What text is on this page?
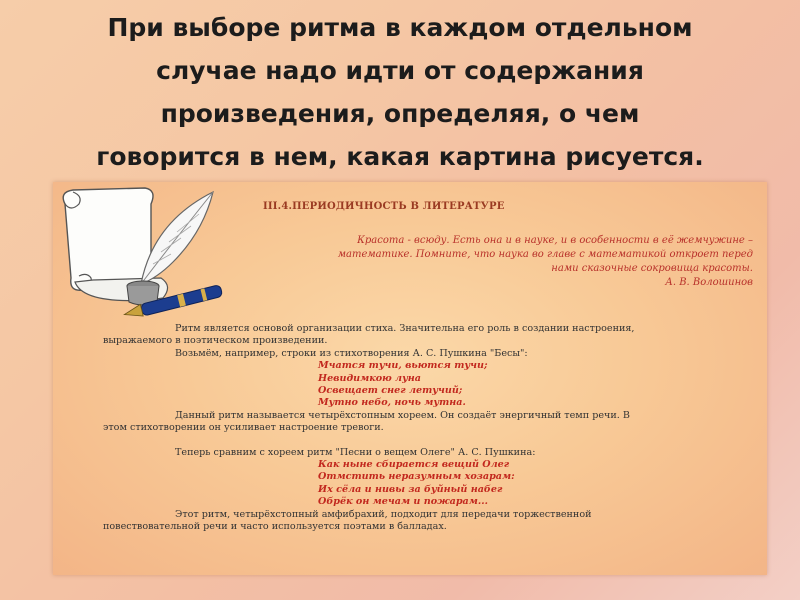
При выборе ритма в каждом отдельном
случае надо идти от содержания
произведения, определяя, о чем
говорится в нем, какая картина рисуется.
III.4.ПЕРИОДИЧНОСТЬ В ЛИТЕРАТУРЕ

Красота - всюду. Есть она и в науке, и в особенности в её жемчужине –
математике. Помните, что наука во главе с математикой откроет перед
нами сказочные сокровища красоты.
А. В. Волошинов

Ритм является основой организации стиха. Значительна его роль в создании настроения,

выражаемого в поэтическом произведении.

Возьмём, например, строки из стихотворения А. С. Пушкина "Бесы":

Мчатся тучи, вьются тучи;

Невидимкою луна

Освещает снег летучий;

Мутно небо, ночь мутна.

Данный ритм называется четырёхстопным хореем. Он создаёт энергичный темп речи. В

этом стихотворении он усиливает настроение тревоги.

Теперь сравним с хореем ритм "Песни о вещем Олеге" А. С. Пушкина:

Как ныне сбирается вещий Олег

Отмстить неразумным хозарам:

Их сёла и нивы за буйный набег

Обрёк он мечам и пожарам...

Этот ритм, четырёхстопный амфибрахий, подходит для передачи торжественной

повествовательной речи и часто используется поэтами в балладах.
